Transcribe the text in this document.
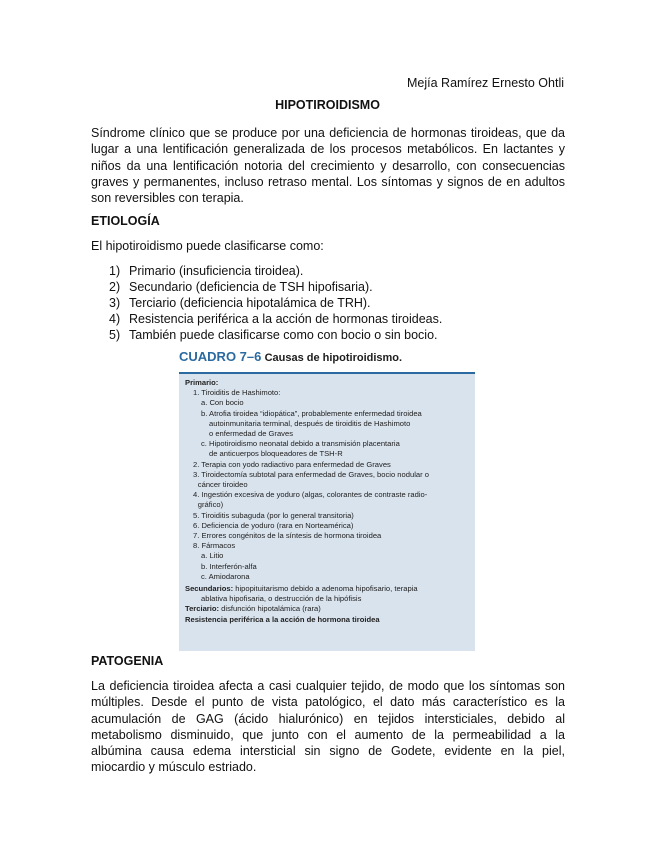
Mejía Ramírez Ernesto Ohtli
HIPOTIROIDISMO
Síndrome clínico que se produce por una deficiencia de hormonas tiroideas, que da
lugar a una lentificación generalizada de los procesos metabólicos. En lactantes y
niños da una lentificación notoria del crecimiento y desarrollo, con consecuencias
graves y permanentes, incluso retraso mental. Los síntomas y signos de en adultos
son reversibles con terapia.
ETIOLOGÍA
El hipotiroidismo puede clasificarse como:
1) Primario (insuficiencia tiroidea).
2) Secundario (deficiencia de TSH hipofisaria).
3) Terciario (deficiencia hipotalámica de TRH).
4) Resistencia periférica a la acción de hormonas tiroideas.
5) También puede clasificarse como con bocio o sin bocio.
CUADRO 7–6 Causas de hipotiroidismo.
Primario:
1. Tiroiditis de Hashimoto:
a. Con bocio
b. Atrofia tiroidea “idiopática”, probablemente enfermedad tiroidea
autoinmunitaria terminal, después de tiroiditis de Hashimoto
o enfermedad de Graves
c. Hipotiroidismo neonatal debido a transmisión placentaria
de anticuerpos bloqueadores de TSH-R
2. Terapia con yodo radiactivo para enfermedad de Graves
3. Tiroidectomía subtotal para enfermedad de Graves, bocio nodular o
cáncer tiroideo
4. Ingestión excesiva de yoduro (algas, colorantes de contraste radio-
gráfico)
5. Tiroiditis subaguda (por lo general transitoria)
6. Deficiencia de yoduro (rara en Norteamérica)
7. Errores congénitos de la síntesis de hormona tiroidea
8. Fármacos
a. Litio
b. Interferón-alfa
c. Amiodarona
Secundarios: hipopituitarismo debido a adenoma hipofisario, terapia
ablativa hipofisaria, o destrucción de la hipófisis
Terciario: disfunción hipotalámica (rara)
Resistencia periférica a la acción de hormona tiroidea
PATOGENIA
La deficiencia tiroidea afecta a casi cualquier tejido, de modo que los síntomas son
múltiples. Desde el punto de vista patológico, el dato más característico es la
acumulación de GAG (ácido hialurónico) en tejidos intersticiales, debido al
metabolismo disminuido, que junto con el aumento de la permeabilidad a la
albúmina causa edema intersticial sin signo de Godete, evidente en la piel,
miocardio y músculo estriado.
